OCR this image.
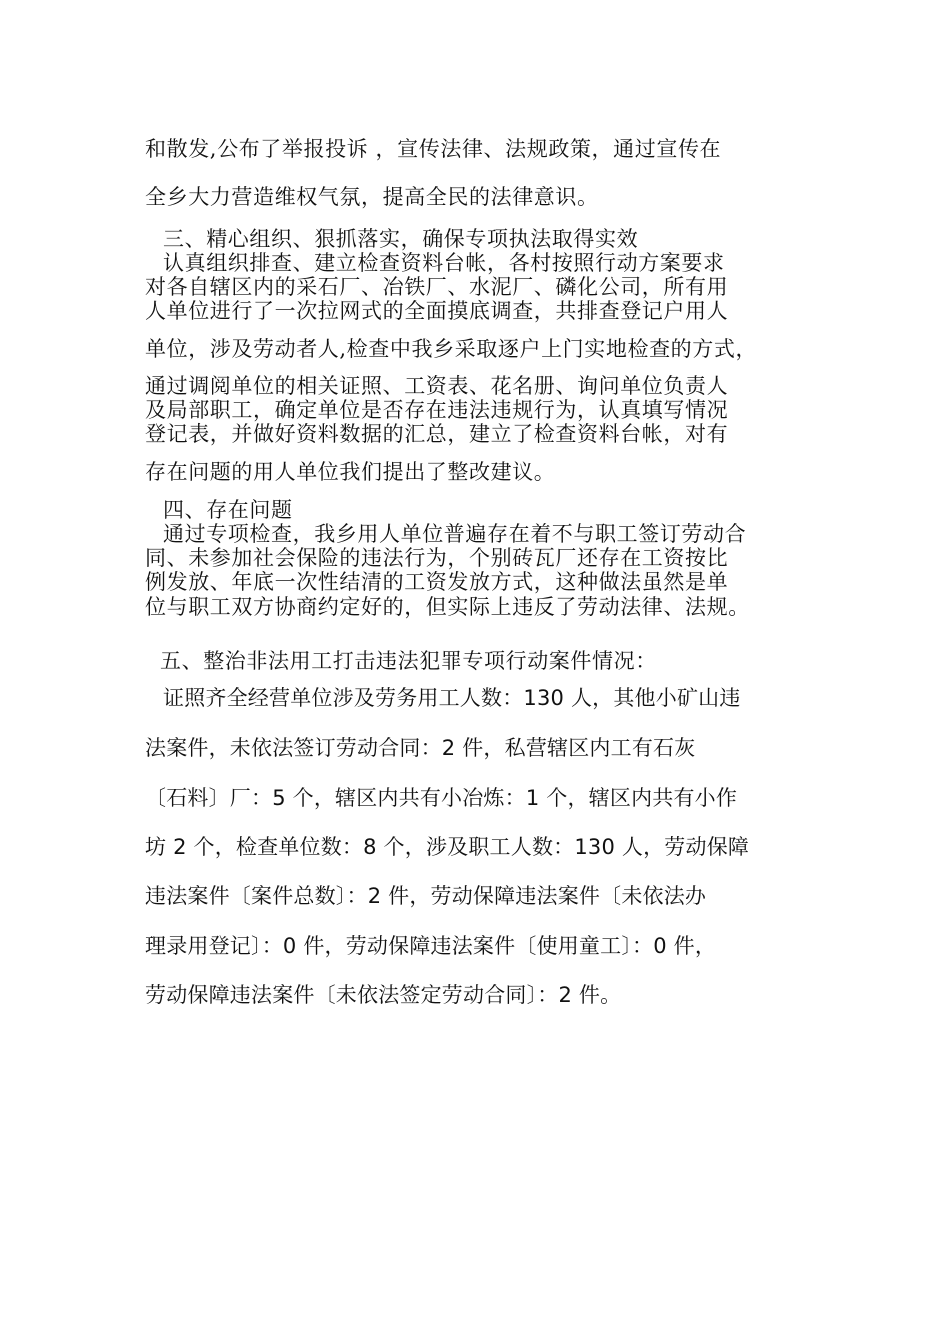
和散发,公布了举报投诉 ，宣传法律、法规政策，通过宣传在
全乡大力营造维权气氛，提高全民的法律意识。
三、精心组织、狠抓落实，确保专项执法取得实效
认真组织排查、建立检查资料台帐，各村按照行动方案要求
对各自辖区内的采石厂、冶铁厂、水泥厂、磷化公司，所有用
人单位进行了一次拉网式的全面摸底调查，共排查登记户用人
单位，涉及劳动者人,检查中我乡采取逐户上门实地检查的方式，
通过调阅单位的相关证照、工资表、花名册、询问单位负责人
及局部职工，确定单位是否存在违法违规行为，认真填写情况
登记表，并做好资料数据的汇总，建立了检查资料台帐，对有
存在问题的用人单位我们提出了整改建议。
四、存在问题
通过专项检查，我乡用人单位普遍存在着不与职工签订劳动合
同、未参加社会保险的违法行为，个别砖瓦厂还存在工资按比
例发放、年底一次性结清的工资发放方式，这种做法虽然是单
位与职工双方协商约定好的，但实际上违反了劳动法律、法规。
五、整治非法用工打击违法犯罪专项行动案件情况：
证照齐全经营单位涉及劳务用工人数：130 人，其他小矿山违
法案件，未依法签订劳动合同：2 件，私营辖区内工有石灰
〔石料〕厂：5 个，辖区内共有小冶炼：1 个，辖区内共有小作
坊 2 个，检查单位数：8 个，涉及职工人数：130 人，劳动保障
违法案件〔案件总数〕：2 件，劳动保障违法案件〔未依法办
理录用登记〕：0 件，劳动保障违法案件〔使用童工〕：0 件，
劳动保障违法案件〔未依法签定劳动合同〕：2 件。
